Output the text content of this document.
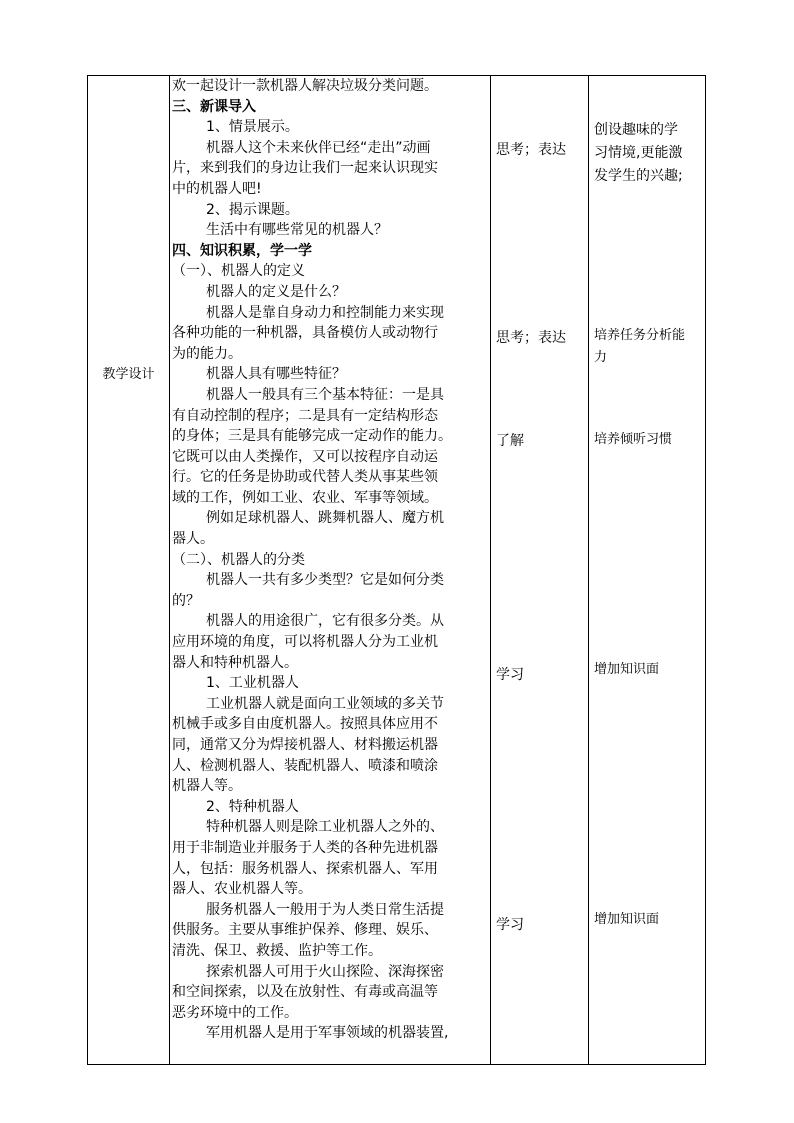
教学设计
欢一起设计一款机器人解决垃圾分类问题。
三、新课导入
1、情景展示。
机器人这个未来伙伴已经“走出”动画
片，来到我们的身边让我们一起来认识现实
中的机器人吧!
2、揭示课题。
生活中有哪些常见的机器人？
四、知识积累，学一学
（一）、机器人的定义
机器人的定义是什么？
机器人是靠自身动力和控制能力来实现
各种功能的一种机器，具备模仿人或动物行
为的能力。
机器人具有哪些特征？
机器人一般具有三个基本特征：一是具
有自动控制的程序；二是具有一定结构形态
的身体；三是具有能够完成一定动作的能力。
它既可以由人类操作，又可以按程序自动运
行。它的任务是协助或代替人类从事某些领
域的工作，例如工业、农业、军事等领域。
例如足球机器人、跳舞机器人、魔方机
器人。
（二）、机器人的分类
机器人一共有多少类型？它是如何分类
的？
机器人的用途很广，它有很多分类。从
应用环境的角度，可以将机器人分为工业机
器人和特种机器人。
1、工业机器人
工业机器人就是面向工业领域的多关节
机械手或多自由度机器人。按照具体应用不
同，通常又分为焊接机器人、材料搬运机器
人、检测机器人、装配机器人、喷漆和喷涂
机器人等。
2、特种机器人
特种机器人则是除工业机器人之外的、
用于非制造业并服务于人类的各种先进机器
人，包括：服务机器人、探索机器人、军用
器人、农业机器人等。
服务机器人一般用于为人类日常生活提
供服务。主要从事维护保养、修理、娱乐、
清洗、保卫、救援、监护等工作。
探索机器人可用于火山探险、深海探密
和空间探索，以及在放射性、有毒或高温等
恶劣环境中的工作。
军用机器人是用于军事领域的机器装置,
思考；表达
思考；表达
了解
学习
学习
创设趣味的学
习情境,更能激
发学生的兴趣;
培养任务分析能
力
培养倾听习惯
增加知识面
增加知识面
